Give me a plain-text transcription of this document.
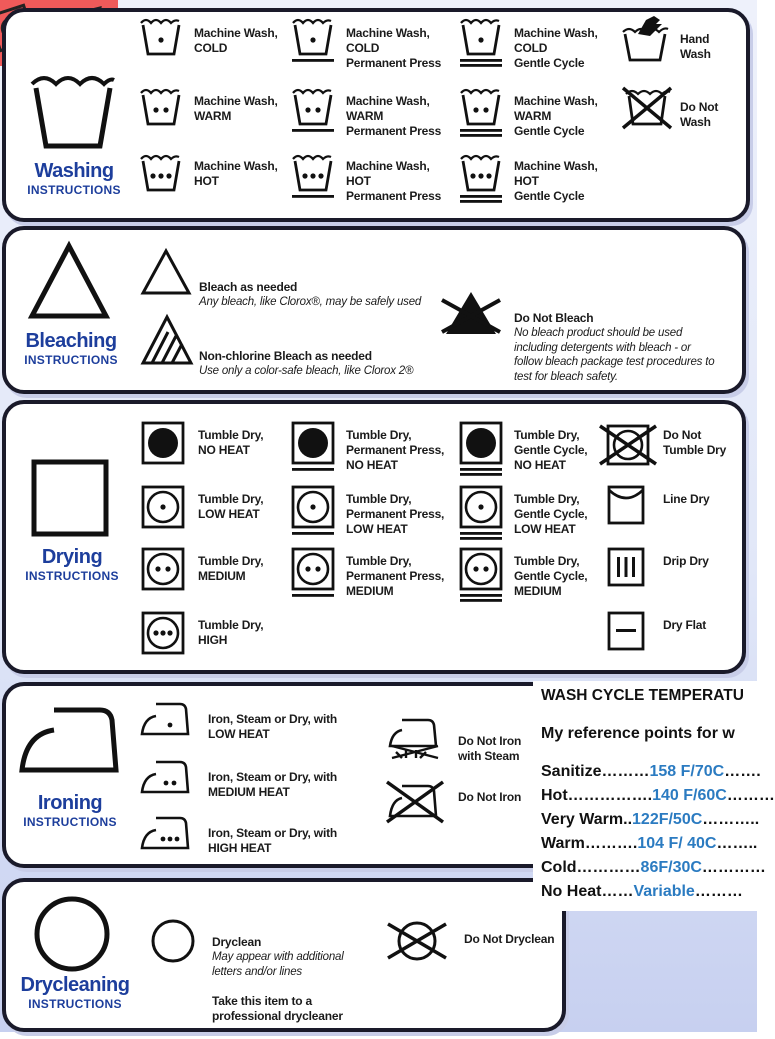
Washing
INSTRUCTIONS
Machine Wash,
COLD
Machine Wash,
COLD
Permanent Press
Machine Wash,
COLD
Gentle Cycle
Hand
Wash
Machine Wash,
WARM
Machine Wash,
WARM
Permanent Press
Machine Wash,
WARM
Gentle Cycle
Do Not
Wash
Machine Wash,
HOT
Machine Wash,
HOT
Permanent Press
Machine Wash,
HOT
Gentle Cycle
Bleaching
INSTRUCTIONS

Bleach as needed

Any bleach, like Clorox®, may be safely used

Non-chlorine Bleach as needed

Use only a color-safe bleach, like Clorox 2®

Do Not Bleach

No bleach product should be used
including detergents with bleach - or
follow bleach package test procedures to
test for bleach safety.

Drying
INSTRUCTIONS
Tumble Dry,
NO HEAT
Tumble Dry,
Permanent Press,
NO HEAT
Tumble Dry,
Gentle Cycle,
NO HEAT
Do Not
Tumble Dry
Tumble Dry,
LOW HEAT
Tumble Dry,
Permanent Press,
LOW HEAT
Tumble Dry,
Gentle Cycle,
LOW HEAT
Line Dry
Tumble Dry,
MEDIUM
Tumble Dry,
Permanent Press,
MEDIUM
Tumble Dry,
Gentle Cycle,
MEDIUM
Drip Dry
Tumble Dry,
HIGH
Dry Flat
Ironing
INSTRUCTIONS
Iron, Steam or Dry, with
LOW HEAT
Iron, Steam or Dry, with
MEDIUM HEAT
Iron, Steam or Dry, with
HIGH HEAT
Do Not Iron
with Steam
Do Not Iron
Drycleaning
INSTRUCTIONS

Dryclean

May appear with additional
letters and/or lines

Take this item to a
professional drycleaner

Do Not Dryclean
WASH CYCLE TEMPERATU
My reference points for w
Sanitize………158 F/70C…….
Hot…………….140 F/60C………
Very Warm..122F/50C………..
Warm……….104 F/ 40C……..
Cold…………86F/30C…………
No Heat……Variable………
